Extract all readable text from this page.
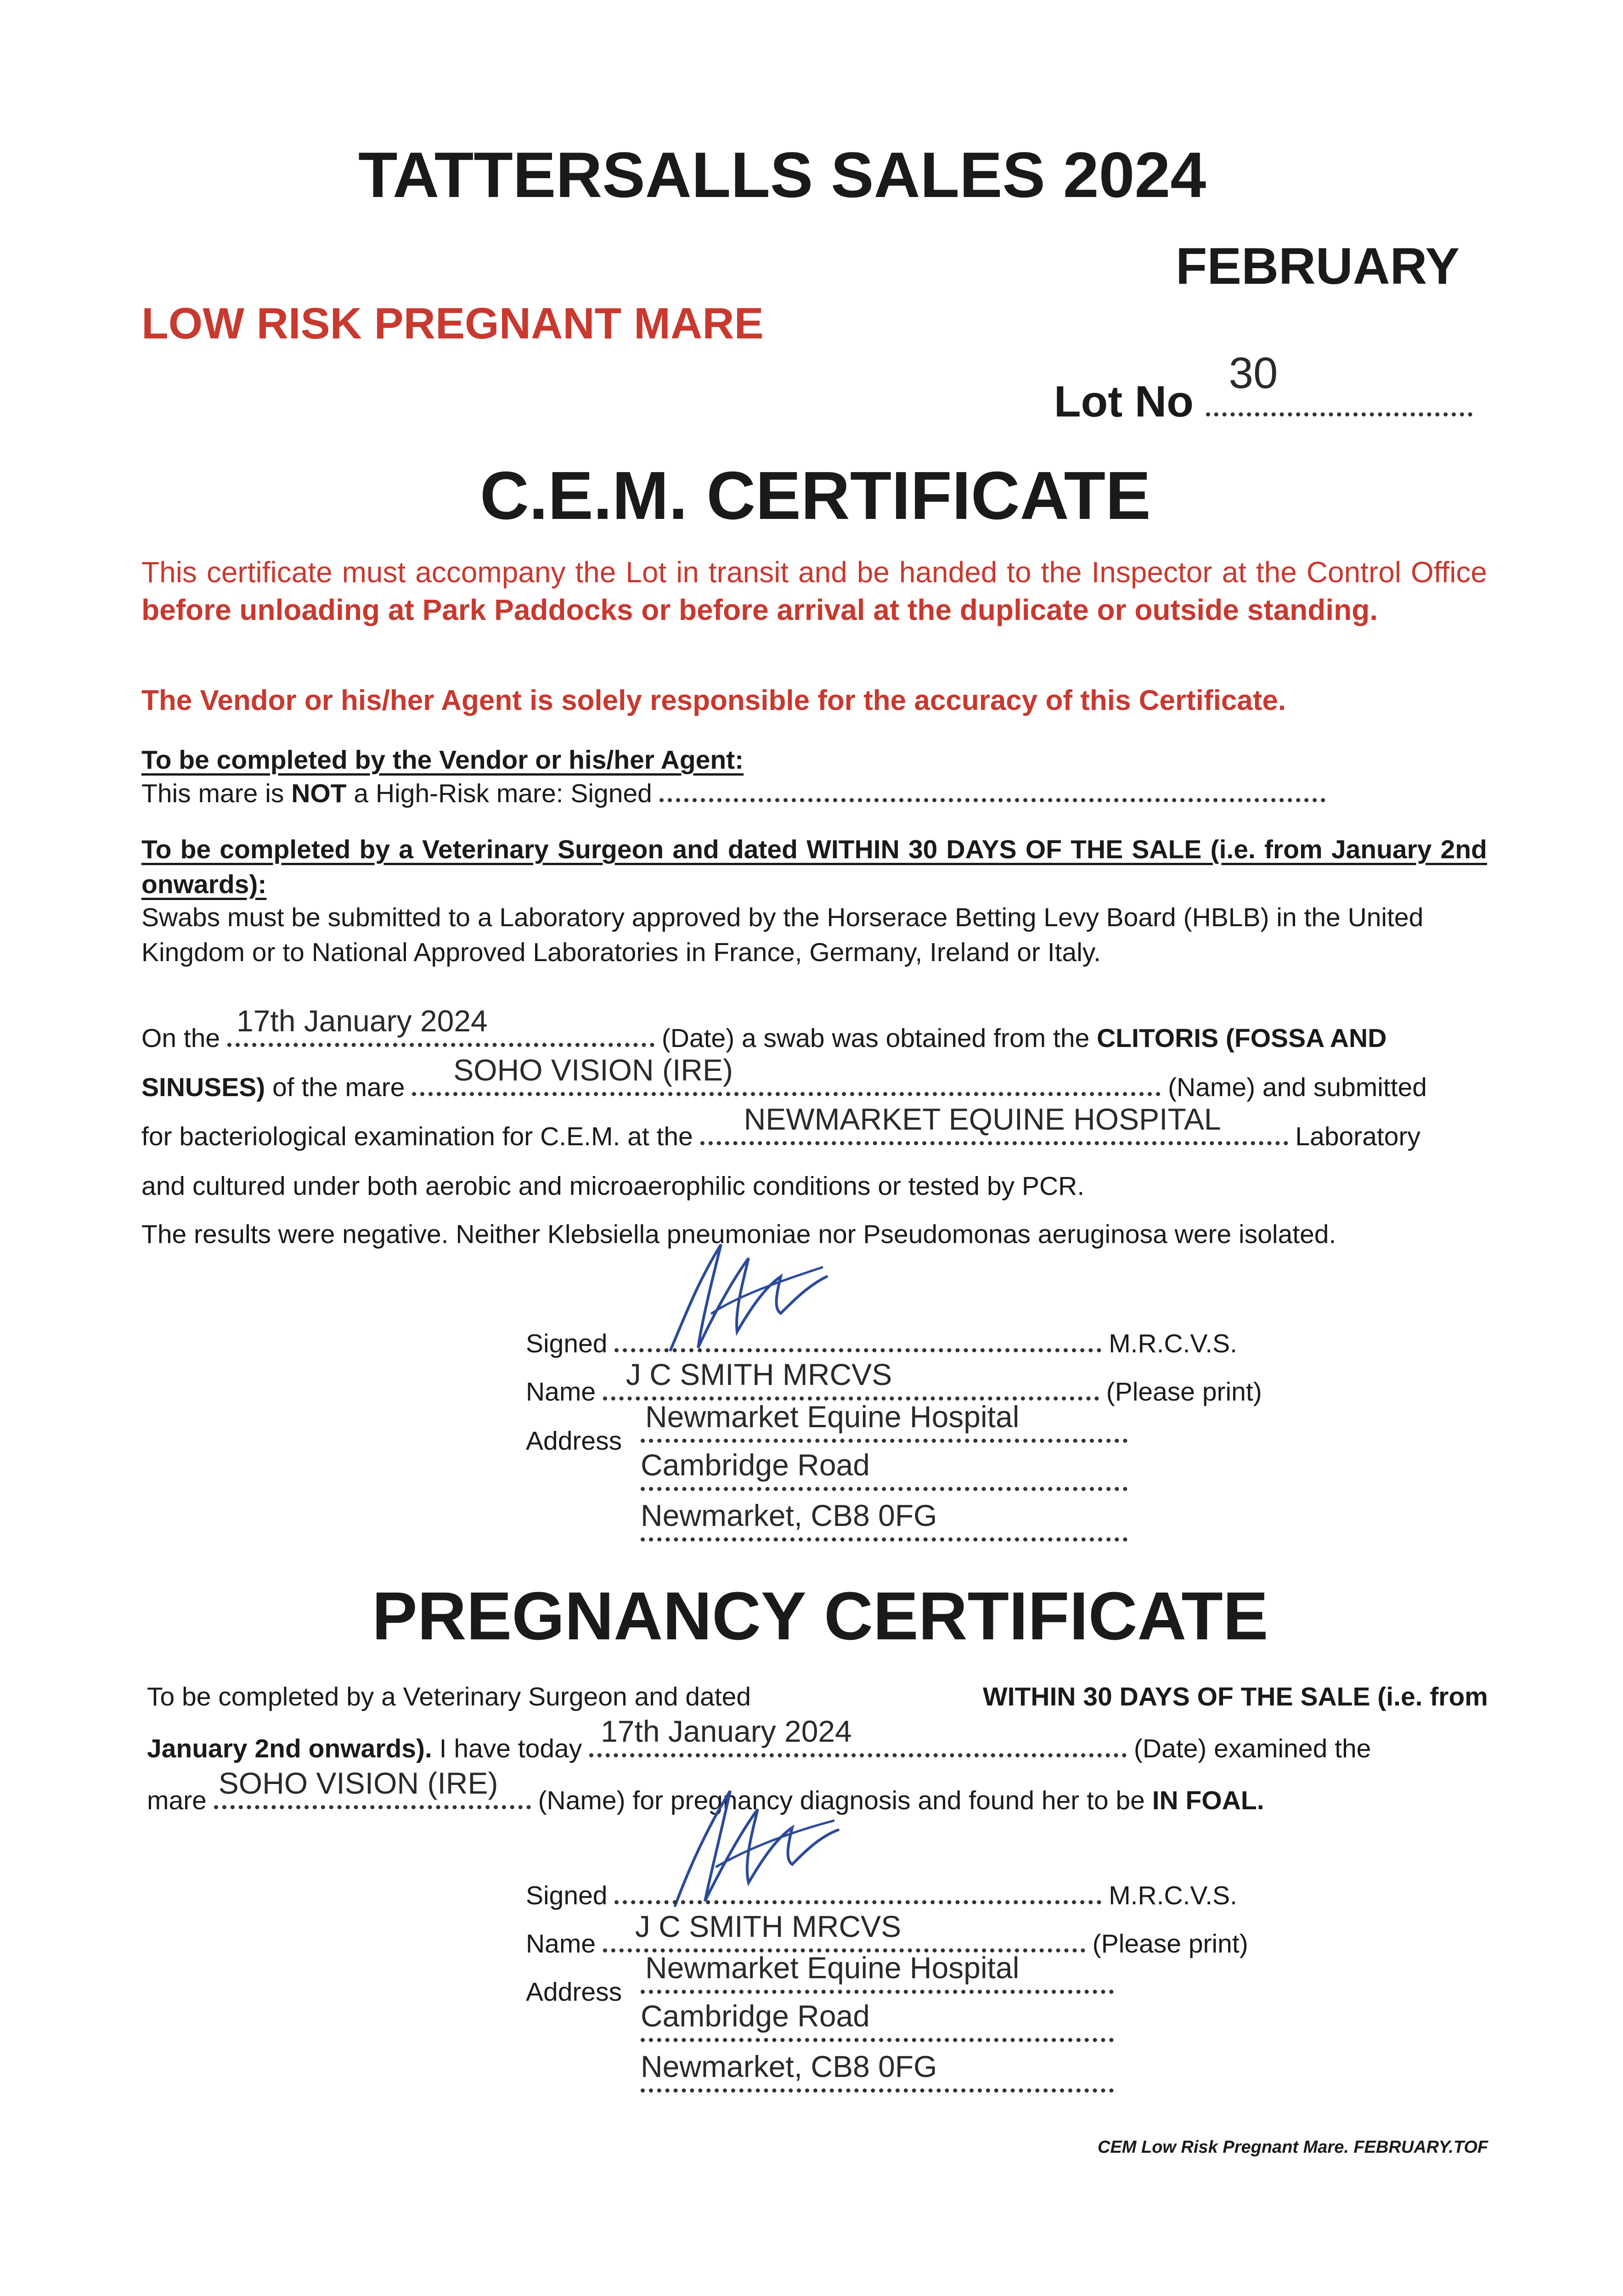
TATTERSALLS SALES 2024
FEBRUARY
LOW RISK PREGNANT MARE
Lot No
30
C.E.M. CERTIFICATE
This certificate must accompany the Lot in transit and be handed to the Inspector at the Control Office before unloading at Park Paddocks or before arrival at the duplicate or outside standing.
The Vendor or his/her Agent is solely responsible for the accuracy of this Certificate.
To be completed by the Vendor or his/her Agent:
This mare is NOT a High-Risk mare: Signed
To be completed by a Veterinary Surgeon and dated WITHIN 30 DAYS OF THE SALE (i.e. from January 2nd onwards):
Swabs must be submitted to a Laboratory approved by the Horserace Betting Levy Board (HBLB) in the United Kingdom or to National Approved Laboratories in France, Germany, Ireland or Italy.
On the
17th January 2024
(Date) a swab was obtained from the CLITORIS (FOSSA AND
SINUSES) of the mare
SOHO VISION (IRE)
(Name) and submitted
for bacteriological examination for C.E.M. at the
NEWMARKET EQUINE HOSPITAL
Laboratory
and cultured under both aerobic and microaerophilic conditions or tested by PCR.
The results were negative. Neither Klebsiella pneumoniae nor Pseudomonas aeruginosa were isolated.
Signed	M.R.C.V.S.
Name
J C SMITH MRCVS
(Please print)
Address
Newmarket Equine Hospital
Cambridge Road
Newmarket, CB8 0FG
PREGNANCY CERTIFICATE
To be completed by a Veterinary Surgeon and dated	WITHIN 30 DAYS OF THE SALE (i.e. from
January 2nd onwards). I have today
17th January 2024
(Date) examined the
mare
SOHO VISION (IRE)
(Name) for pregnancy diagnosis and found her to be IN FOAL.
Signed	M.R.C.V.S.
Name
J C SMITH MRCVS
(Please print)
Address
Newmarket Equine Hospital
Cambridge Road
Newmarket, CB8 0FG
CEM Low Risk Pregnant Mare. FEBRUARY.TOF
